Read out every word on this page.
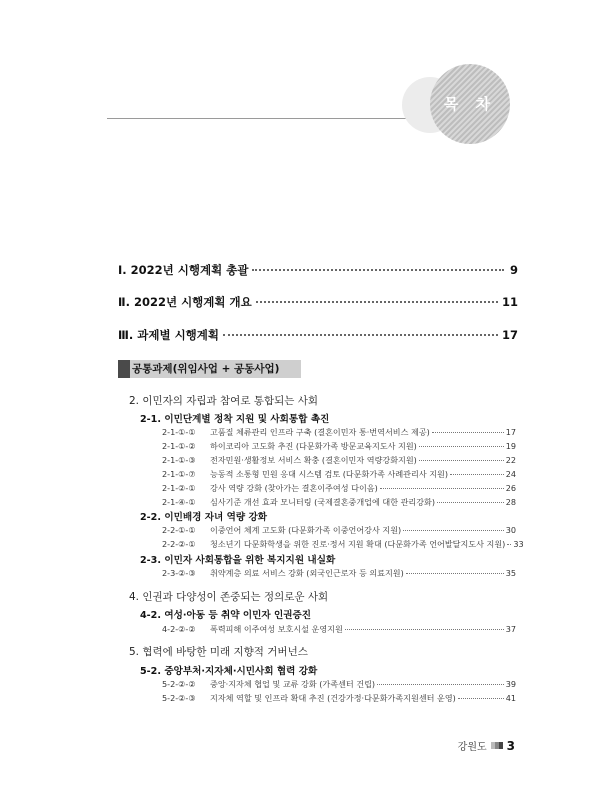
목 차
Ⅰ. 2022년 시행계획 총괄	9
Ⅱ. 2022년 시행계획 개요	11
Ⅲ. 과제별 시행계획	17
공통과제(위임사업 + 공동사업)
2. 이민자의 자립과 참여로 통합되는 사회
2-1. 이민단계별 정착 지원 및 사회통합 촉진
2-1-①-①	고품질 체류관리 인프라 구축 (결혼이민자 통·번역서비스 제공)	17
2-1-①-②	하이코리아 고도화 추진 (다문화가족 방문교육지도사 지원)	19
2-1-①-③	전자민원·생활정보 서비스 확충 (결혼이민자 역량강화지원)	22
2-1-①-⑦	능동적 소통형 민원 응대 시스템 검토 (다문화가족 사례관리사 지원)	24
2-1-②-①	강사 역량 강화 (찾아가는 결혼이주여성 다이음)	26
2-1-④-①	심사기준 개선 효과 모니터링 (국제결혼중개업에 대한 관리강화)	28
2-2. 이민배경 자녀 역량 강화
2-2-①-①	이중언어 체계 고도화 (다문화가족 이중언어강사 지원)	30
2-2-②-①	청소년기 다문화학생을 위한 진로·정서 지원 확대 (다문화가족 언어발달지도사 지원) 33
2-3. 이민자 사회통합을 위한 복지지원 내실화
2-3-②-③	취약계층 의료 서비스 강화 (외국인근로자 등 의료지원)	35
4. 인권과 다양성이 존중되는 정의로운 사회
4-2. 여성·아동 등 취약 이민자 인권증진
4-2-②-②	폭력피해 이주여성 보호시설 운영지원	37
5. 협력에 바탕한 미래 지향적 거버넌스
5-2. 중앙부처·지자체·시민사회 협력 강화
5-2-②-②	중앙·지자체 협업 및 교류 강화 (가족센터 건립)	39
5-2-②-③	지자체 역할 및 인프라 확대 추진 (건강가정·다문화가족지원센터 운영)	41
강원도 3
